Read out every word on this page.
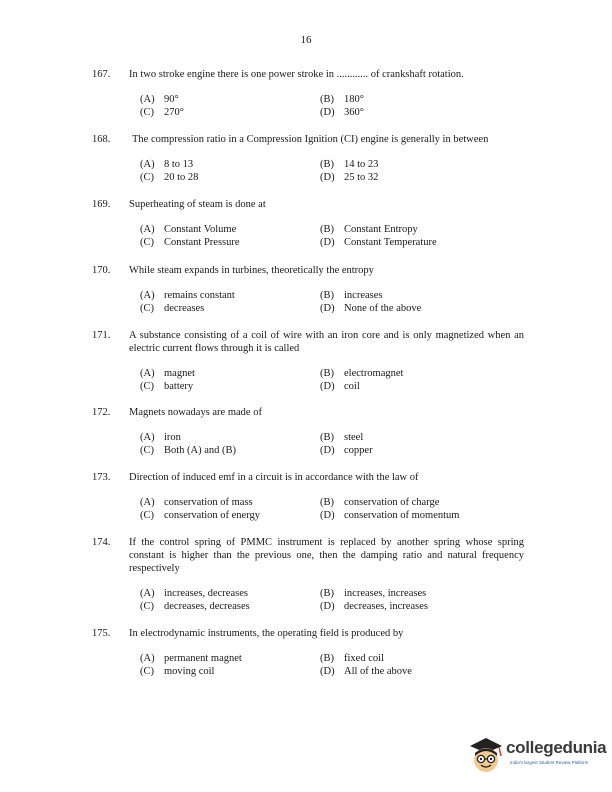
16
167. In two stroke engine there is one power stroke in ............ of crankshaft rotation.
(A) 90°	(B) 180°
(C) 270°	(D) 360°
168. The compression ratio in a Compression Ignition (CI) engine is generally in between
(A) 8 to 13	(B) 14 to 23
(C) 20 to 28	(D) 25 to 32
169. Superheating of steam is done at
(A) Constant Volume	(B) Constant Entropy
(C) Constant Pressure	(D) Constant Temperature
170. While steam expands in turbines, theoretically the entropy
(A) remains constant	(B) increases
(C) decreases	(D) None of the above
171. A substance consisting of a coil of wire with an iron core and is only magnetized when an electric current flows through it is called
(A) magnet	(B) electromagnet
(C) battery	(D) coil
172. Magnets nowadays are made of
(A) iron	(B) steel
(C) Both (A) and (B)	(D) copper
173. Direction of induced emf in a circuit is in accordance with the law of
(A) conservation of mass	(B) conservation of charge
(C) conservation of energy	(D) conservation of momentum
174. If the control spring of PMMC instrument is replaced by another spring whose spring constant is higher than the previous one, then the damping ratio and natural frequency respectively
(A) increases, decreases	(B) increases, increases
(C) decreases, decreases	(D) decreases, increases
175. In electrodynamic instruments, the operating field is produced by
(A) permanent magnet	(B) fixed coil
(C) moving coil	(D) All of the above
collegedunia
India's largest Student Review Platform
